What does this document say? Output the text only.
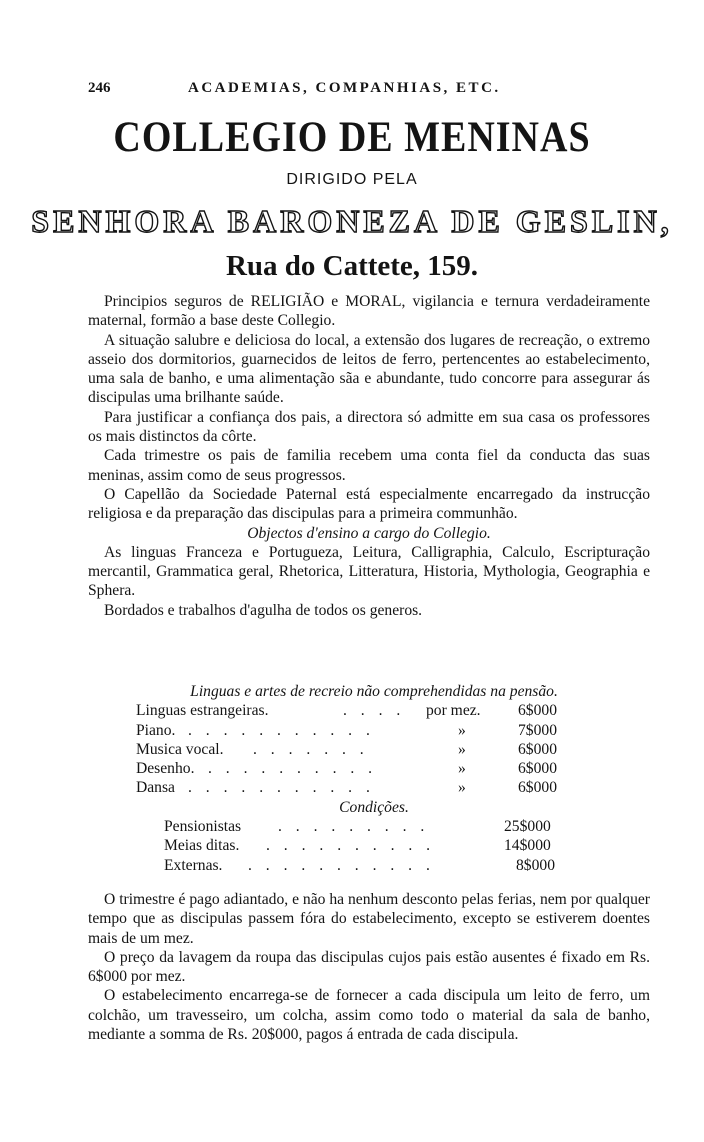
246	ACADEMIAS, COMPANHIAS, ETC.
COLLEGIO DE MENINAS
DIRIGIDO PELA
SENHORA BARONEZA DE GESLIN,
Rua do Cattete, 159.

Principios seguros de RELIGIÃO e MORAL, vigilancia e ternura verdadeiramente maternal, formão a base deste Collegio.

A situação salubre e deliciosa do local, a extensão dos lugares de recreação, o extremo asseio dos dormitorios, guarnecidos de leitos de ferro, pertencentes ao estabelecimento, uma sala de banho, e uma alimentação sãa e abundante, tudo concorre para assegurar ás discipulas uma brilhante saúde.

Para justificar a confiança dos pais, a directora só admitte em sua casa os professores os mais distinctos da côrte.

Cada trimestre os pais de familia recebem uma conta fiel da conducta das suas meninas, assim como de seus progressos.

O Capellão da Sociedade Paternal está especialmente encarregado da instrucção religiosa e da preparação das discipulas para a primeira communhão.

Objectos d'ensino a cargo do Collegio.

As linguas Franceza e Portugueza, Leitura, Calligraphia, Calculo, Escripturação mercantil, Grammatica geral, Rhetorica, Litteratura, Historia, Mythologia, Geographia e Sphera.

Bordados e trabalhos d'agulha de todos os generos.

Linguas e artes de recreio não comprehendidas na pensão.
Linguas estrangeiras.	. . . . por mez. 6$000
Piano. . . . . . . . . . . .	»	7$000
Musica vocal. . . . . . . .	»	6$000
Desenho. . . . . . . . . . .	»	6$000
Dansa . . . . . . . . . . .	»	6$000
Condições.
Pensionistas . . . . . . . . .	25$000
Meias ditas. . . . . . . . . . .	14$000
Externas. . . . . . . . . . . .	8$000

O trimestre é pago adiantado, e não ha nenhum desconto pelas ferias, nem por qualquer tempo que as discipulas passem fóra do estabelecimento, excepto se estiverem doentes mais de um mez.

O preço da lavagem da roupa das discipulas cujos pais estão ausentes é fixado em Rs. 6$000 por mez.

O estabelecimento encarrega-se de fornecer a cada discipula um leito de ferro, um colchão, um travesseiro, um colcha, assim como todo o material da sala de banho, mediante a somma de Rs. 20$000, pagos á entrada de cada discipula.
